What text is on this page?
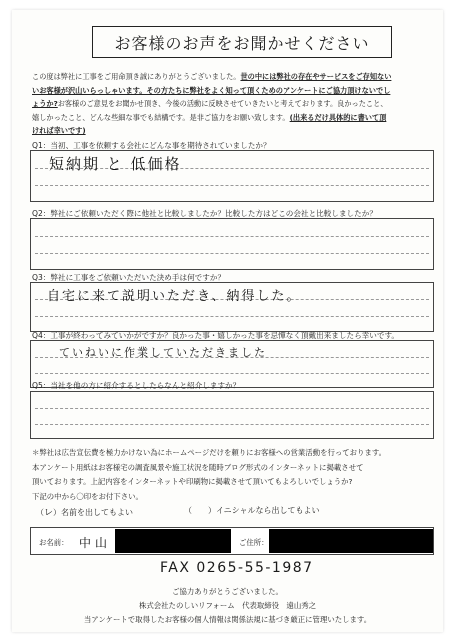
お客様のお声をお聞かせください
この度は弊社に工事をご用命頂き誠にありがとうございました。世の中には弊社の存在やサービスをご存知ない
いお客様が沢山いらっしゃいます。その方たちに弊社をよく知って頂くためのアンケートにご協力頂けないでし
ょうか?お客様のご意見をお聞かせ頂き、今後の活動に反映させていきたいと考えております。良かったこと、
嬉しかったこと、どんな些細な事でも結構です。是非ご協力をお願い致します。(出来るだけ具体的に書いて頂
ければ幸いです)
Q1：当初、工事を依頼する会社にどんな事を期待されていましたか？
短納期 と 低価格
Q2：弊社にご依頼いただく際に他社と比較しましたか？比較した方はどこの会社と比較しましたか？
Q3：弊社に工事をご依頼いただいた決め手は何ですか？
自宅に来て説明いただき、納得した。
Q4：工事が終わってみていかがですか？良かった事・嬉しかった事を忌憚なく頂戴出来ましたら幸いです。
ていねいに作業していただきました
Q5：当社を他の方に紹介するとしたらなんと紹介しますか？
＊弊社は広告宣伝費を極力かけない為にホームページだけを頼りにお客様への営業活動を行っております。
本アンケート用紙はお客様宅の調査風景や施工状況を随時ブログ形式のインターネットに掲載させて
頂いております。上記内容をインターネットや印刷物に掲載させて頂いてもよろしいでしょうか?
下記の中から〇印をお付下さい。
（レ）名前を出してもよい	（　　）イニシャルなら出してもよい
お名前： 中山	ご住所：
FAX 0265-55-1987
ご協力ありがとうございました。
株式会社たのしいリフォーム　代表取締役　遠山秀之
当アンケートで取得したお客様の個人情報は関係法規に基づき厳正に管理いたします。
